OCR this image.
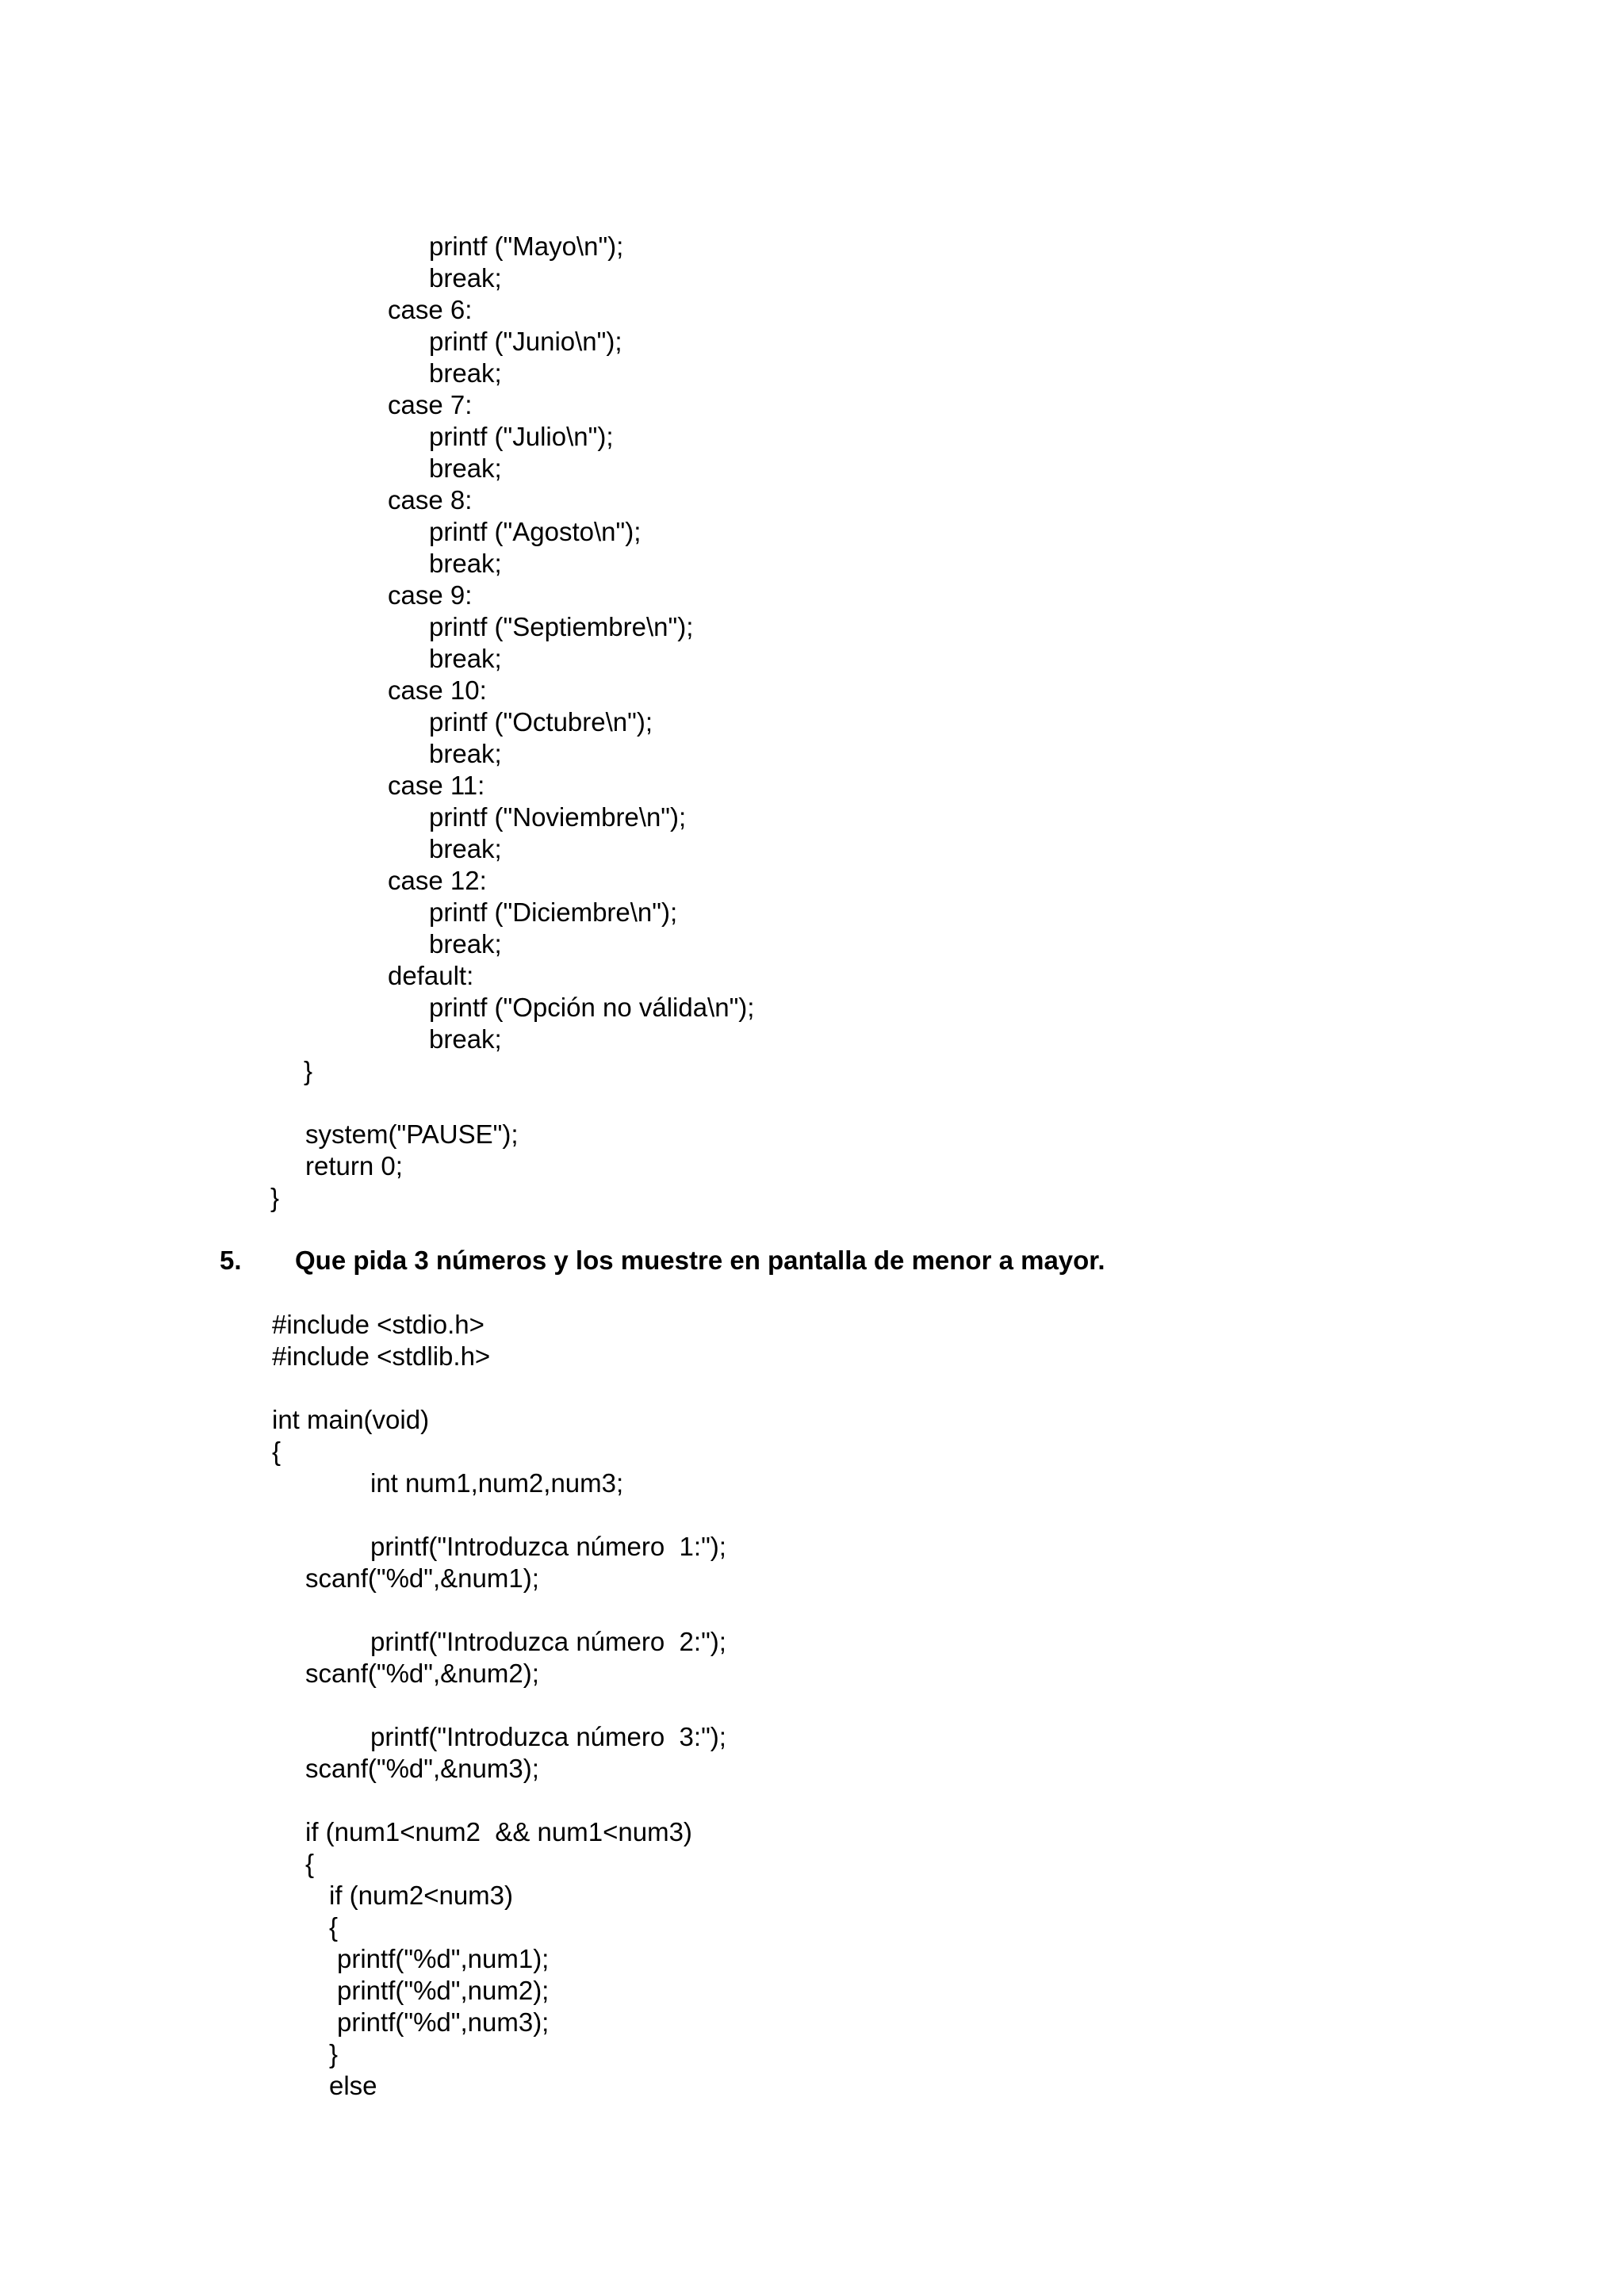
printf ("Mayo\n");
break;
case 6:
printf ("Junio\n");
break;
case 7:
printf ("Julio\n");
break;
case 8:
printf ("Agosto\n");
break;
case 9:
printf ("Septiembre\n");
break;
case 10:
printf ("Octubre\n");
break;
case 11:
printf ("Noviembre\n");
break;
case 12:
printf ("Diciembre\n");
break;
default:
printf ("Opción no válida\n");
break;
}
system("PAUSE");
return 0;
}
5. Que pida 3 números y los muestre en pantalla de menor a mayor.
#include <stdio.h>
#include <stdlib.h>
int main(void)
{
int num1,num2,num3;
printf("Introduzca número  1:");
scanf("%d",&num1);
printf("Introduzca número  2:");
scanf("%d",&num2);
printf("Introduzca número  3:");
scanf("%d",&num3);
if (num1<num2  && num1<num3)
{
if (num2<num3)
{
printf("%d",num1);
printf("%d",num2);
printf("%d",num3);
}
else
